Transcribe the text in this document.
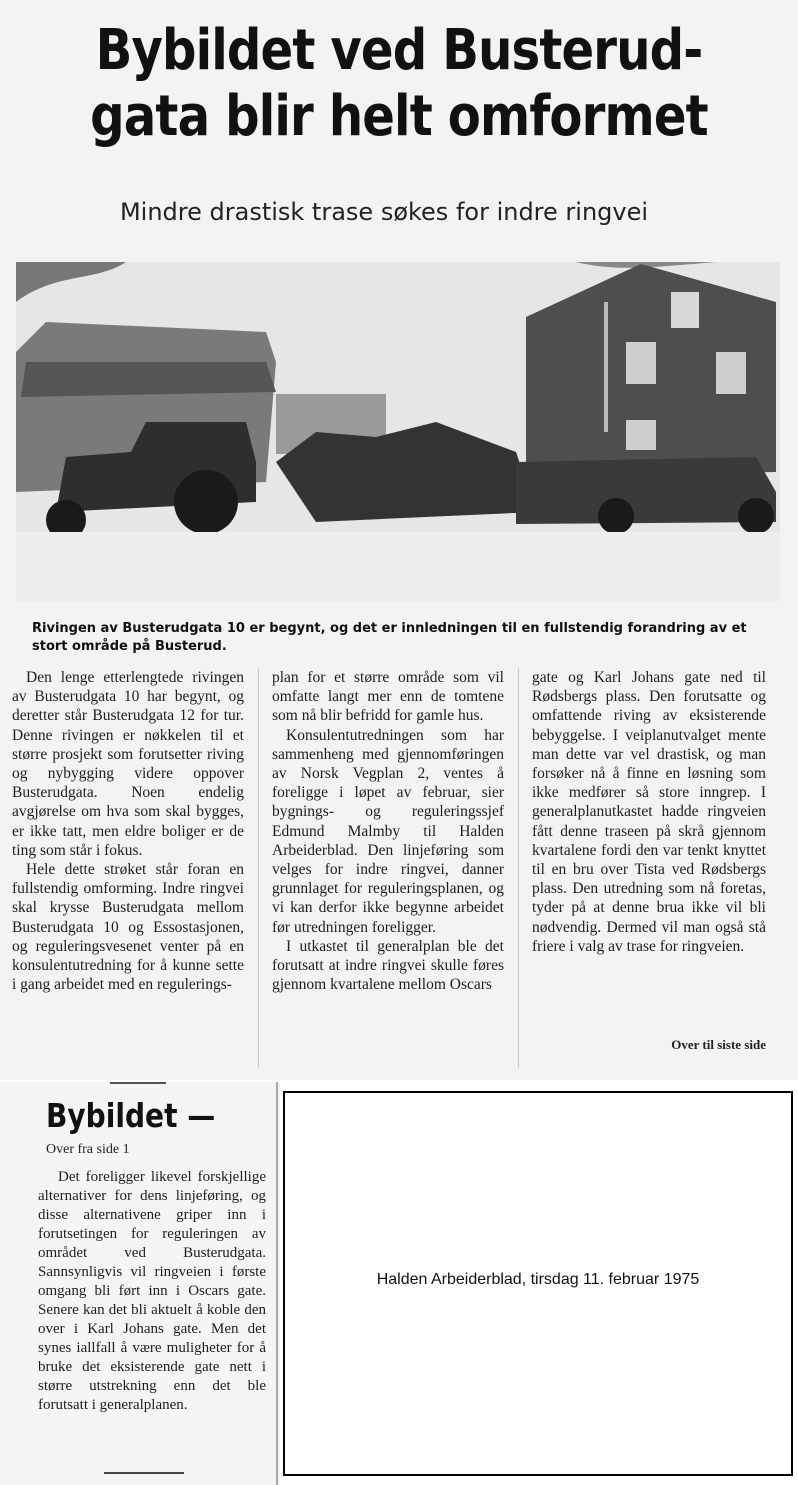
Bybildet ved Busterud-
gata blir helt omformet
Mindre drastisk trase søkes for indre ringvei

Rivingen av Busterudgata 10 er begynt, og det er innledningen til en fullstendig forandring av et stort område på Busterud.

Den lenge etterlengtede rivingen av Busterudgata 10 har begynt, og deretter står Busterudgata 12 for tur. Denne rivingen er nøkkelen til et større prosjekt som forutsetter riving og nybygging videre oppover Busterudgata. Noen endelig avgjørelse om hva som skal bygges, er ikke tatt, men eldre boliger er de ting som står i fokus.

Hele dette strøket står foran en fullstendig omforming. Indre ringvei skal krysse Busterudgata mellom Busterudgata 10 og Essostasjonen, og reguleringsvesenet venter på en konsulentutredning for å kunne sette i gang arbeidet med en regulerings-

plan for et større område som vil omfatte langt mer enn de tomtene som nå blir befridd for gamle hus.

Konsulentutredningen som har sammenheng med gjennomføringen av Norsk Vegplan 2, ventes å foreligge i løpet av februar, sier bygnings- og reguleringssjef Edmund Malmby til Halden Arbeiderblad. Den linjeføring som velges for indre ringvei, danner grunnlaget for reguleringsplanen, og vi kan derfor ikke begynne arbeidet før utredningen foreligger.

I utkastet til generalplan ble det forutsatt at indre ringvei skulle føres gjennom kvartalene mellom Oscars

gate og Karl Johans gate ned til Rødsbergs plass. Den forutsatte og omfattende riving av eksisterende bebyggelse. I veiplanutvalget mente man dette var vel drastisk, og man forsøker nå å finne en løsning som ikke medfører så store inngrep. I generalplanutkastet hadde ringveien fått denne traseen på skrå gjennom kvartalene fordi den var tenkt knyttet til en bru over Tista ved Rødsbergs plass. Den utredning som nå foretas, tyder på at denne brua ikke vil bli nødvendig. Dermed vil man også stå friere i valg av trase for ringveien.

Over til siste side

Bybildet —

Over fra side 1

Det foreligger likevel forskjellige alternativer for dens linjeføring, og disse alternativene griper inn i forutsetingen for reguleringen av området ved Busterudgata. Sannsynligvis vil ringveien i første omgang bli ført inn i Oscars gate. Senere kan det bli aktuelt å koble den over i Karl Johans gate. Men det synes iallfall å være muligheter for å bruke det eksisterende gate nett i større utstrekning enn det ble forutsatt i generalplanen.

Halden Arbeiderblad, tirsdag 11. februar 1975
